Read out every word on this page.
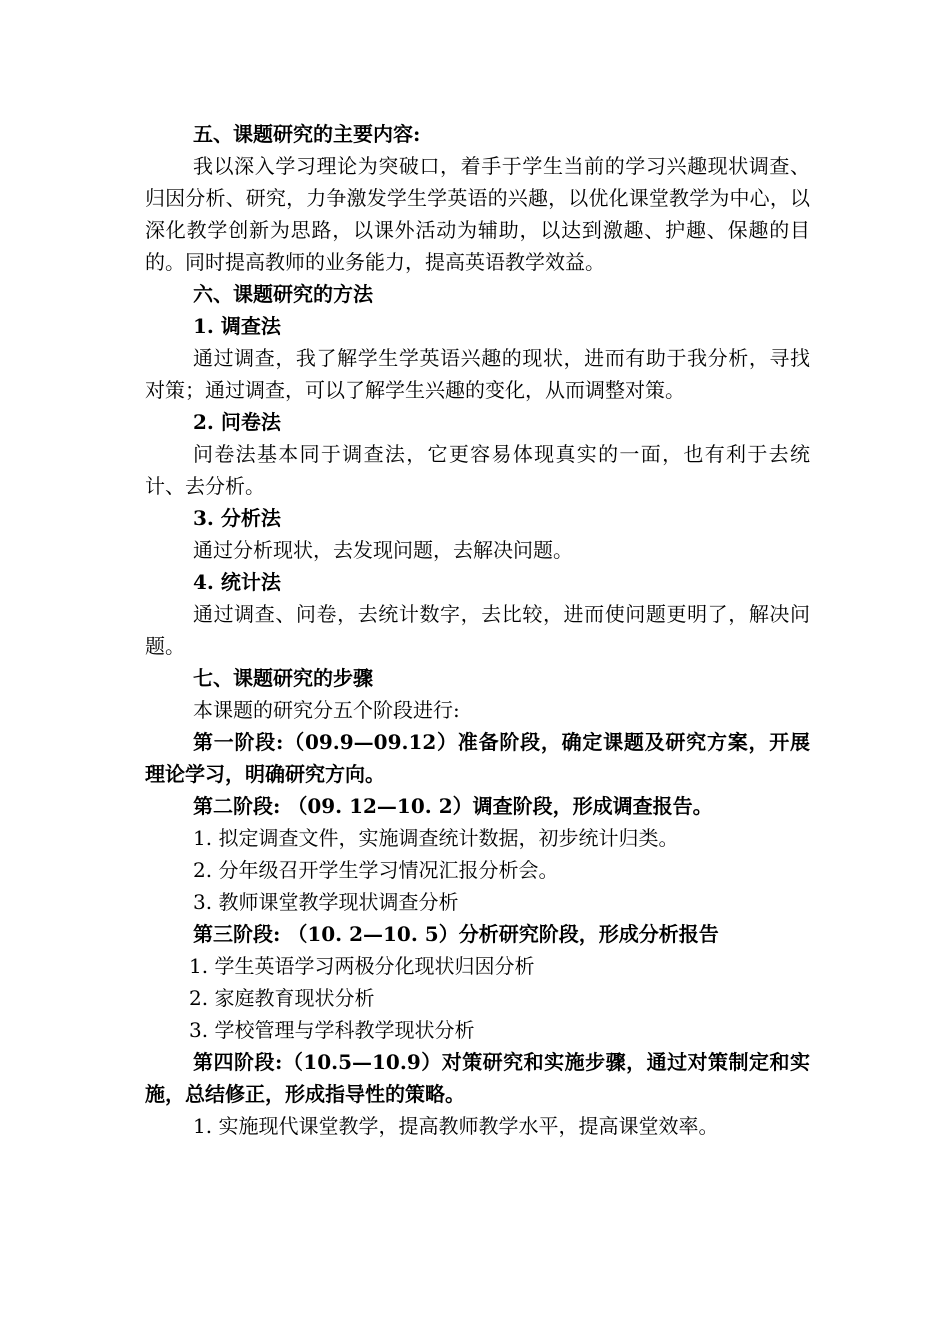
五、课题研究的主要内容:

我以深入学习理论为突破口，着手于学生当前的学习兴趣现状调查、归因分析、研究，力争激发学生学英语的兴趣，以优化课堂教学为中心，以深化教学创新为思路，以课外活动为辅助，以达到激趣、护趣、保趣的目的。同时提高教师的业务能力，提高英语教学效益。

六、课题研究的方法

1. 调查法

通过调查，我了解学生学英语兴趣的现状，进而有助于我分析，寻找对策；通过调查，可以了解学生兴趣的变化，从而调整对策。

2. 问卷法

问卷法基本同于调查法，它更容易体现真实的一面，也有利于去统计、去分析。

3. 分析法

通过分析现状，去发现问题，去解决问题。

4. 统计法

通过调查、问卷，去统计数字，去比较，进而使问题更明了，解决问题。

七、课题研究的步骤

本课题的研究分五个阶段进行:

第一阶段:（09.9—09.12）准备阶段，确定课题及研究方案，开展理论学习，明确研究方向。

第二阶段: （09. 12—10. 2）调查阶段，形成调查报告。

1. 拟定调查文件，实施调查统计数据，初步统计归类。

2. 分年级召开学生学习情况汇报分析会。

3. 教师课堂教学现状调查分析

第三阶段: （10. 2—10. 5）分析研究阶段，形成分析报告

1. 学生英语学习两极分化现状归因分析

2. 家庭教育现状分析

3. 学校管理与学科教学现状分析

第四阶段:（10.5—10.9）对策研究和实施步骤，通过对策制定和实施，总结修正，形成指导性的策略。

1. 实施现代课堂教学，提高教师教学水平，提高课堂效率。
